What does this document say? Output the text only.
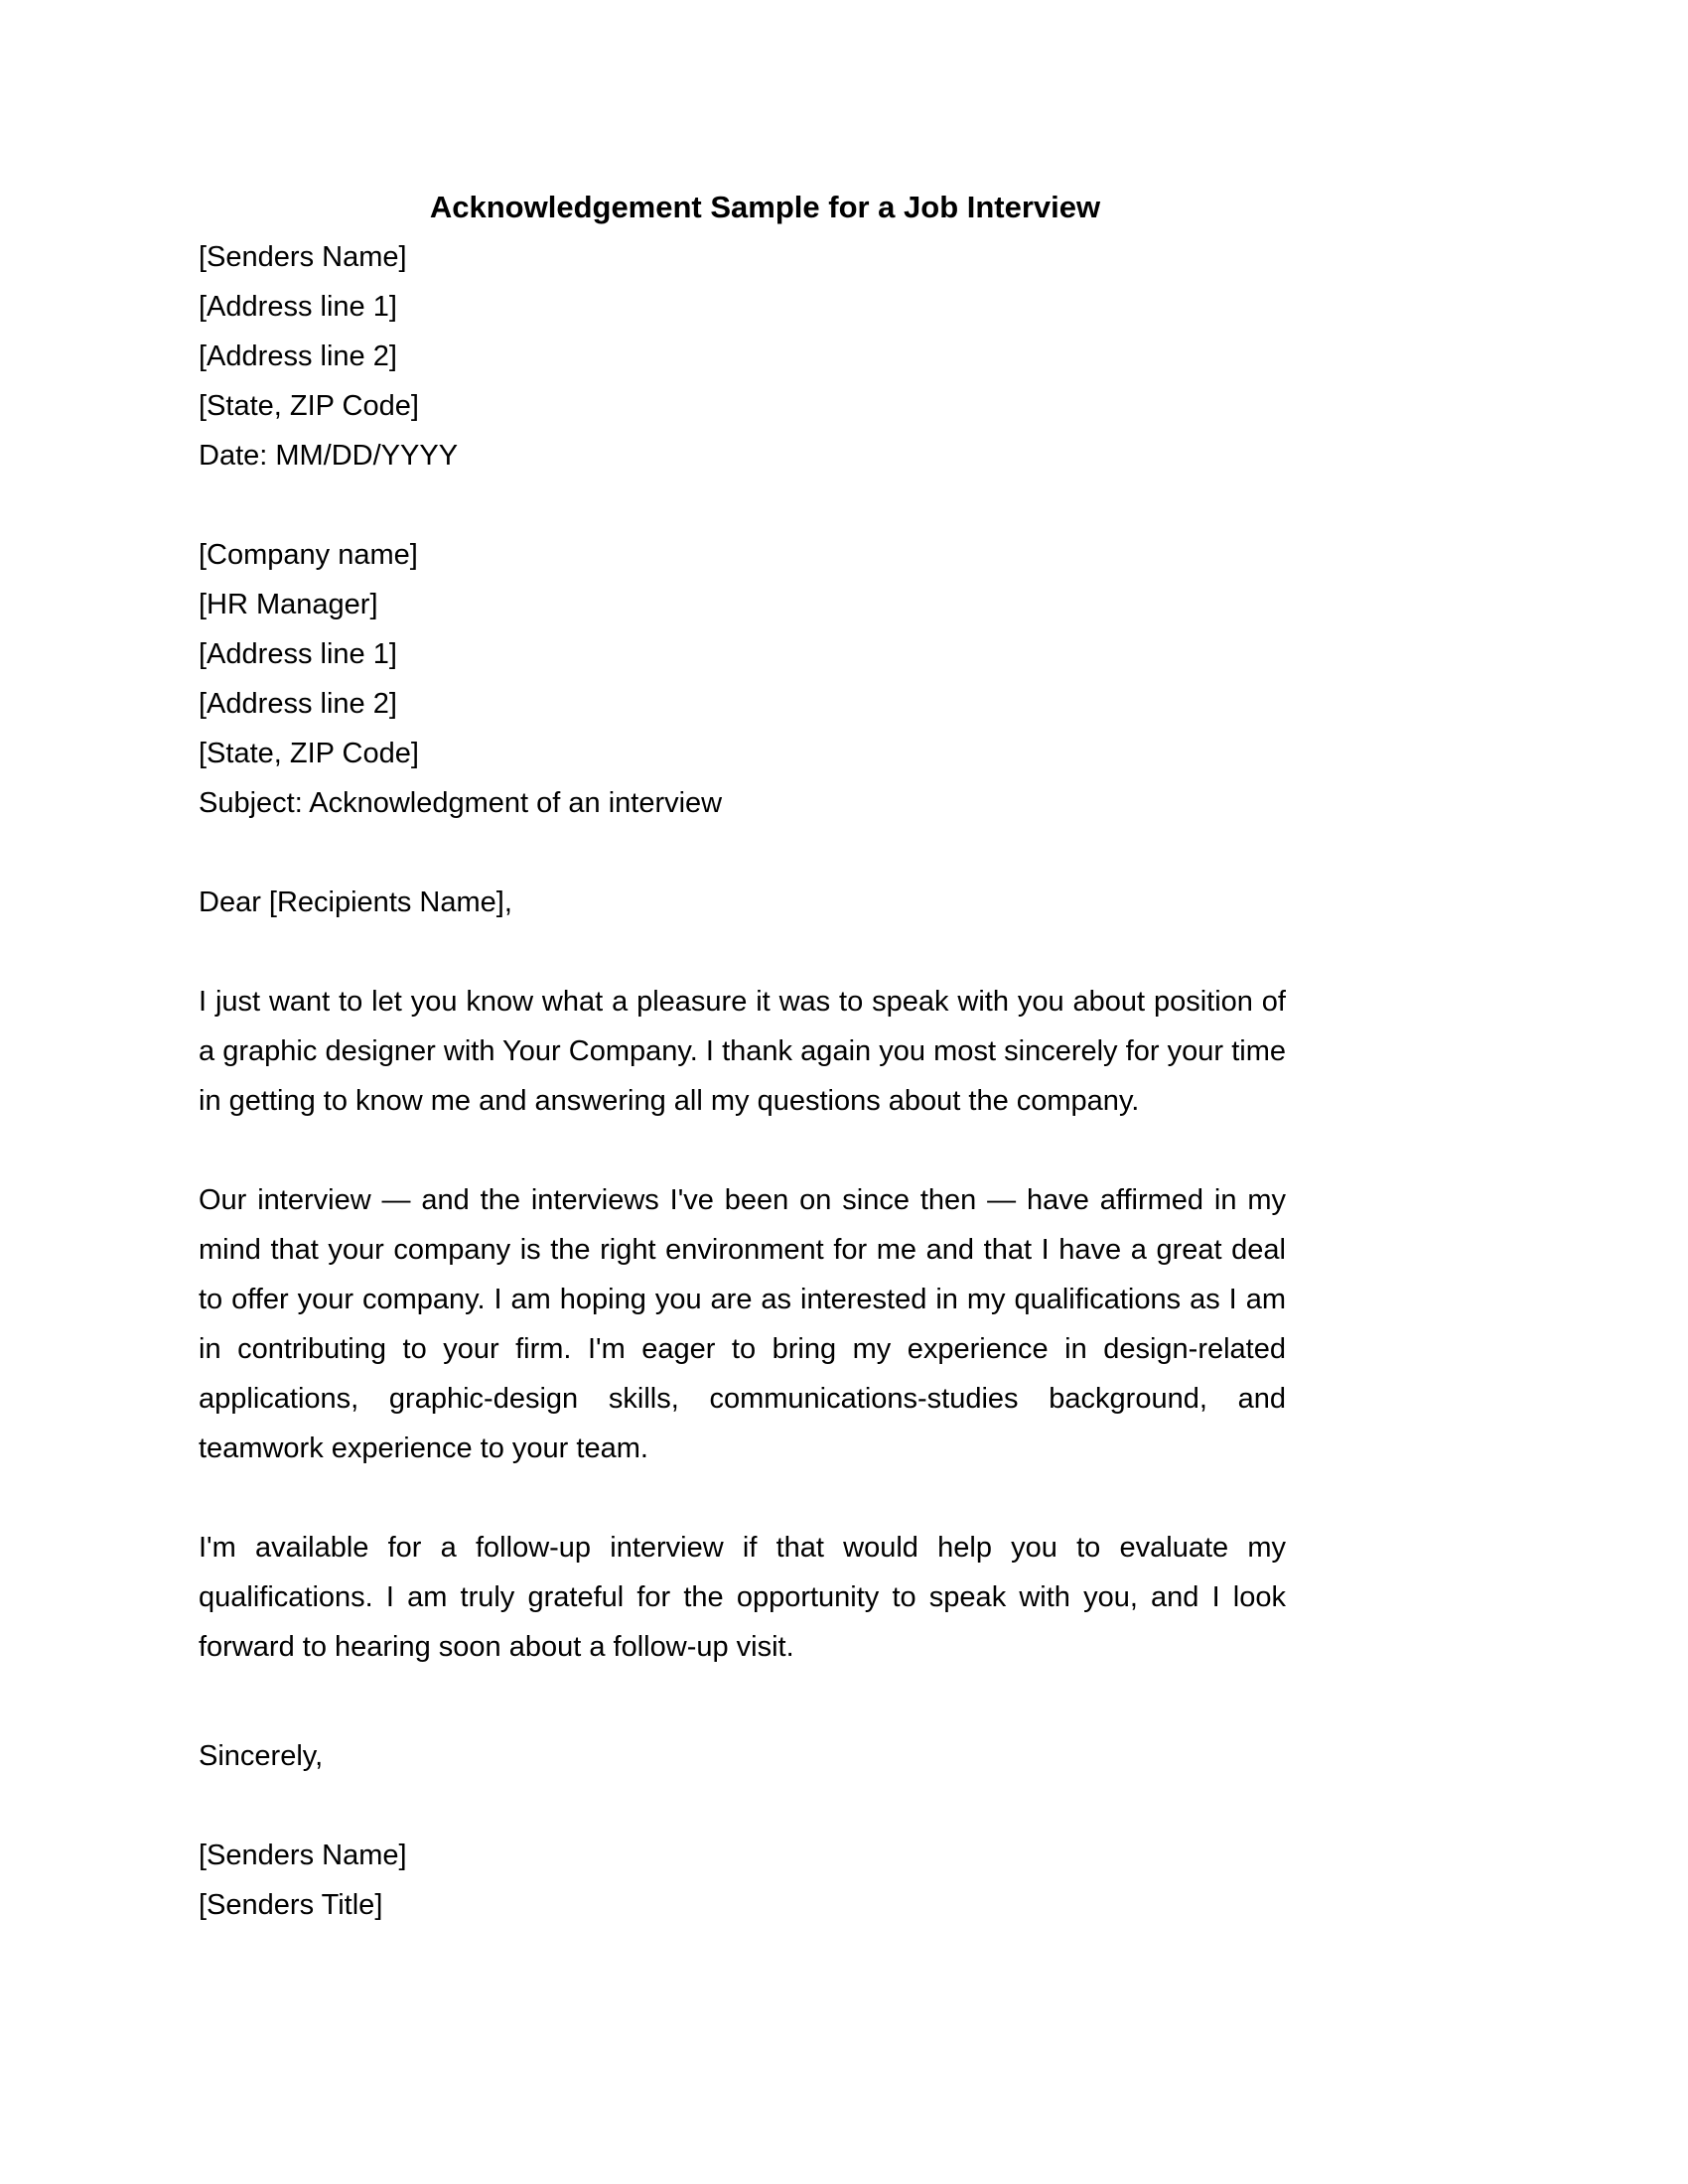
Acknowledgement Sample for a Job Interview
[Senders Name]
[Address line 1]
[Address line 2]
[State, ZIP Code]
Date: MM/DD/YYYY
[Company name]
[HR Manager]
[Address line 1]
[Address line 2]
[State, ZIP Code]
Subject: Acknowledgment of an interview
Dear [Recipients Name],

I just want to let you know what a pleasure it was to speak with you about position of a graphic designer with Your Company. I thank again you most sincerely for your time in getting to know me and answering all my questions about the company.

Our interview — and the interviews I've been on since then — have affirmed in my mind that your company is the right environment for me and that I have a great deal to offer your company. I am hoping you are as interested in my qualifications as I am in contributing to your firm. I'm eager to bring my experience in design-related applications, graphic-design skills, communications-studies background, and teamwork experience to your team.

I'm available for a follow-up interview if that would help you to evaluate my qualifications. I am truly grateful for the opportunity to speak with you, and I look forward to hearing soon about a follow-up visit.

Sincerely,
[Senders Name]
[Senders Title]
